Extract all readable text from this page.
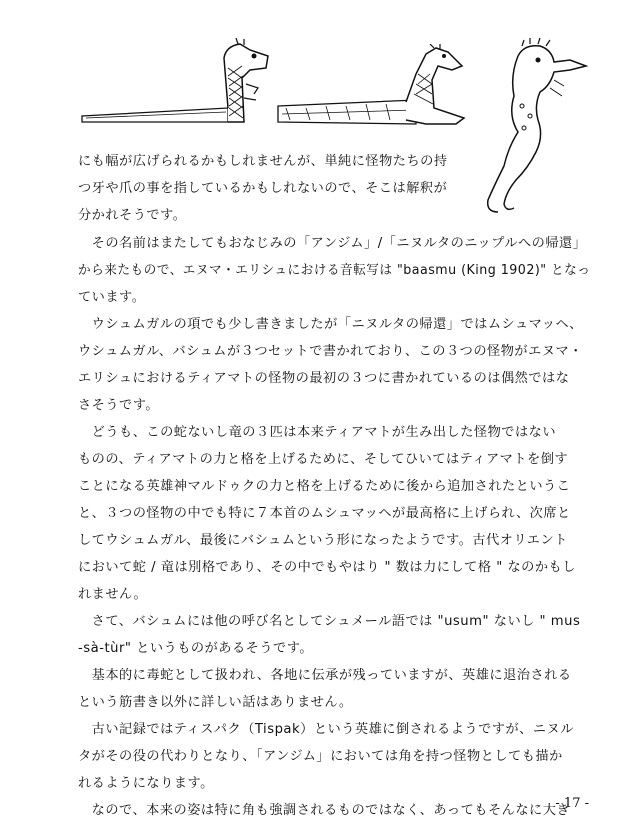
にも幅が広げられるかもしれませんが、単純に怪物たちの持
つ牙や爪の事を指しているかもしれないので、そこは解釈が
分かれそうです。
　その名前はまたしてもおなじみの「アンジム」/「ニヌルタのニップルへの帰還」
から来たもので、エヌマ・エリシュにおける音転写は "baasmu (King 1902)" となっ
ています。
　ウシュムガルの項でも少し書きましたが「ニヌルタの帰還」ではムシュマッヘ、
ウシュムガル、バシュムが３つセットで書かれており、この３つの怪物がエヌマ・
エリシュにおけるティアマトの怪物の最初の３つに書かれているのは偶然ではな
さそうです。
　どうも、この蛇ないし竜の３匹は本来ティアマトが生み出した怪物ではない
ものの、ティアマトの力と格を上げるために、そしてひいてはティアマトを倒す
ことになる英雄神マルドゥクの力と格を上げるために後から追加されたというこ
と、３つの怪物の中でも特に７本首のムシュマッヘが最高格に上げられ、次席と
してウシュムガル、最後にバシュムという形になったようです。古代オリエント
において蛇 / 竜は別格であり、その中でもやはり " 数は力にして格 " なのかもし
れません。
　さて、バシュムには他の呼び名としてシュメール語では "usum" ないし " mus
-sà-tùr" というものがあるそうです。
　基本的に毒蛇として扱われ、各地に伝承が残っていますが、英雄に退治される
という筋書き以外に詳しい話はありません。
　古い記録ではティスパク（Tispak）という英雄に倒されるようですが、ニヌル
タがその役の代わりとなり、「アンジム」においては角を持つ怪物としても描か
れるようになります。
　なので、本来の姿は特に角も強調されるものではなく、あってもそんなに大き
- 17 -
